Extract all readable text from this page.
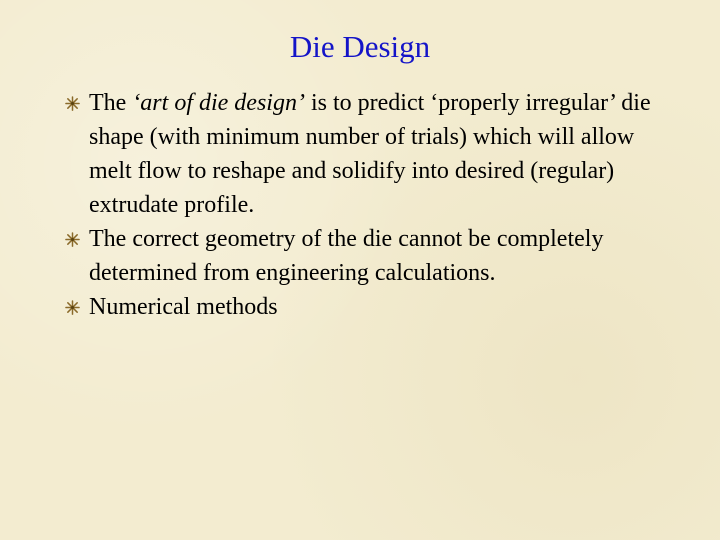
Die Design
The ‘art of die design’ is to predict ‘properly irregular’ die shape (with minimum number of trials) which will allow melt flow to reshape and solidify into desired (regular) extrudate profile.
The correct geometry of the die cannot be completely determined from engineering calculations.
Numerical methods
